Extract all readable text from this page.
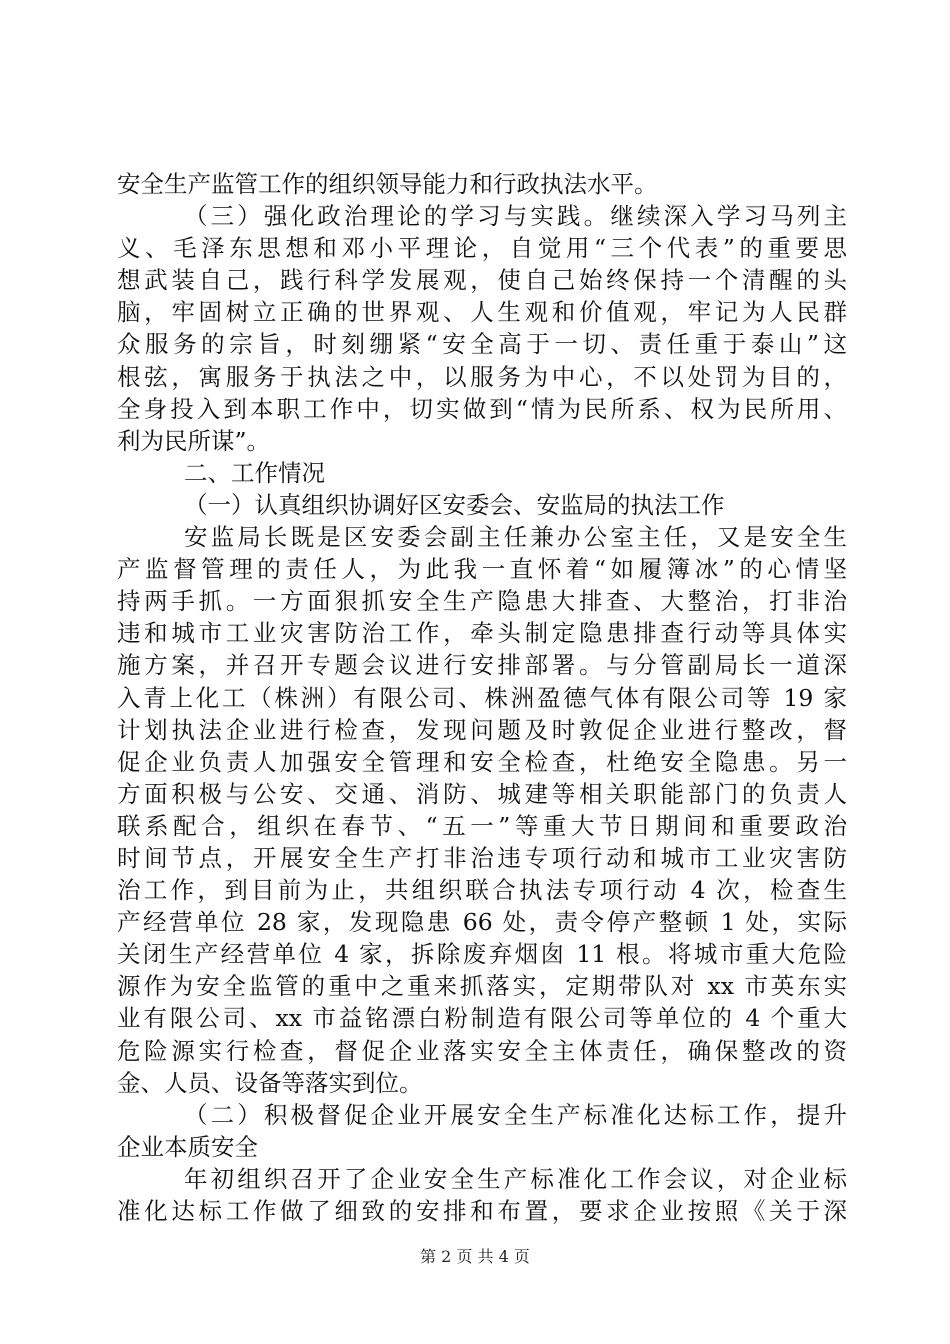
安全生产监管工作的组织领导能力和行政执法水平。
（三）强化政治理论的学习与实践。继续深入学习马列主
义、毛泽东思想和邓小平理论，自觉用“三个代表”的重要思
想武装自己，践行科学发展观，使自己始终保持一个清醒的头
脑，牢固树立正确的世界观、人生观和价值观，牢记为人民群
众服务的宗旨，时刻绷紧“安全高于一切、责任重于泰山”这
根弦，寓服务于执法之中，以服务为中心，不以处罚为目的，
全身投入到本职工作中，切实做到“情为民所系、权为民所用、
利为民所谋”。
二、工作情况
（一）认真组织协调好区安委会、安监局的执法工作
安监局长既是区安委会副主任兼办公室主任，又是安全生
产监督管理的责任人，为此我一直怀着“如履簿冰”的心情坚
持两手抓。一方面狠抓安全生产隐患大排查、大整治，打非治
违和城市工业灾害防治工作，牵头制定隐患排查行动等具体实
施方案，并召开专题会议进行安排部署。与分管副局长一道深
入青上化工（株洲）有限公司、株洲盈德气体有限公司等 19 家
计划执法企业进行检查，发现问题及时敦促企业进行整改，督
促企业负责人加强安全管理和安全检查，杜绝安全隐患。另一
方面积极与公安、交通、消防、城建等相关职能部门的负责人
联系配合，组织在春节、“五一”等重大节日期间和重要政治
时间节点，开展安全生产打非治违专项行动和城市工业灾害防
治工作，到目前为止，共组织联合执法专项行动 4 次，检查生
产经营单位 28 家，发现隐患 66 处，责令停产整顿 1 处，实际
关闭生产经营单位 4 家，拆除废弃烟囱 11 根。将城市重大危险
源作为安全监管的重中之重来抓落实，定期带队对 xx 市英东实
业有限公司、xx 市益铭漂白粉制造有限公司等单位的 4 个重大
危险源实行检查，督促企业落实安全主体责任，确保整改的资
金、人员、设备等落实到位。
（二）积极督促企业开展安全生产标准化达标工作，提升
企业本质安全
年初组织召开了企业安全生产标准化工作会议，对企业标
准化达标工作做了细致的安排和布置，要求企业按照《关于深
第 2 页 共 4 页
